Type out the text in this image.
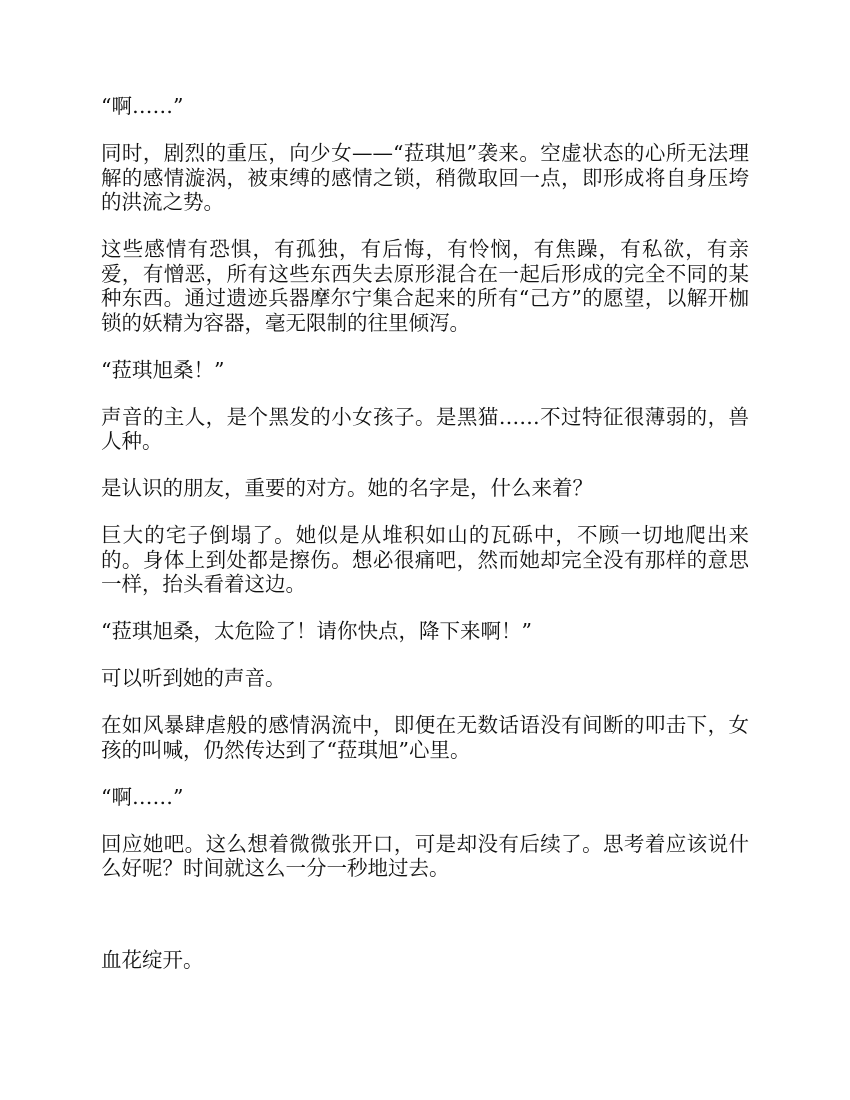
“啊……”

同时，剧烈的重压，向少女——“菈琪旭”袭来。空虚状态的心所无法理解的感情漩涡，被束缚的感情之锁，稍微取回一点，即形成将自身压垮的洪流之势。

这些感情有恐惧，有孤独，有后悔，有怜悯，有焦躁，有私欲，有亲爱，有憎恶，所有这些东西失去原形混合在一起后形成的完全不同的某种东西。通过遗迹兵器摩尔宁集合起来的所有“己方”的愿望，以解开枷锁的妖精为容器，毫无限制的往里倾泻。

“菈琪旭桑！”

声音的主人，是个黑发的小女孩子。是黑猫……不过特征很薄弱的，兽人种。

是认识的朋友，重要的对方。她的名字是，什么来着？

巨大的宅子倒塌了。她似是从堆积如山的瓦砾中，不顾一切地爬出来的。身体上到处都是擦伤。想必很痛吧，然而她却完全没有那样的意思一样，抬头看着这边。

“菈琪旭桑，太危险了！请你快点，降下来啊！”

可以听到她的声音。

在如风暴肆虐般的感情涡流中，即便在无数话语没有间断的叩击下，女孩的叫喊，仍然传达到了“菈琪旭”心里。

“啊……”

回应她吧。这么想着微微张开口，可是却没有后续了。思考着应该说什么好呢？时间就这么一分一秒地过去。

血花绽开。
